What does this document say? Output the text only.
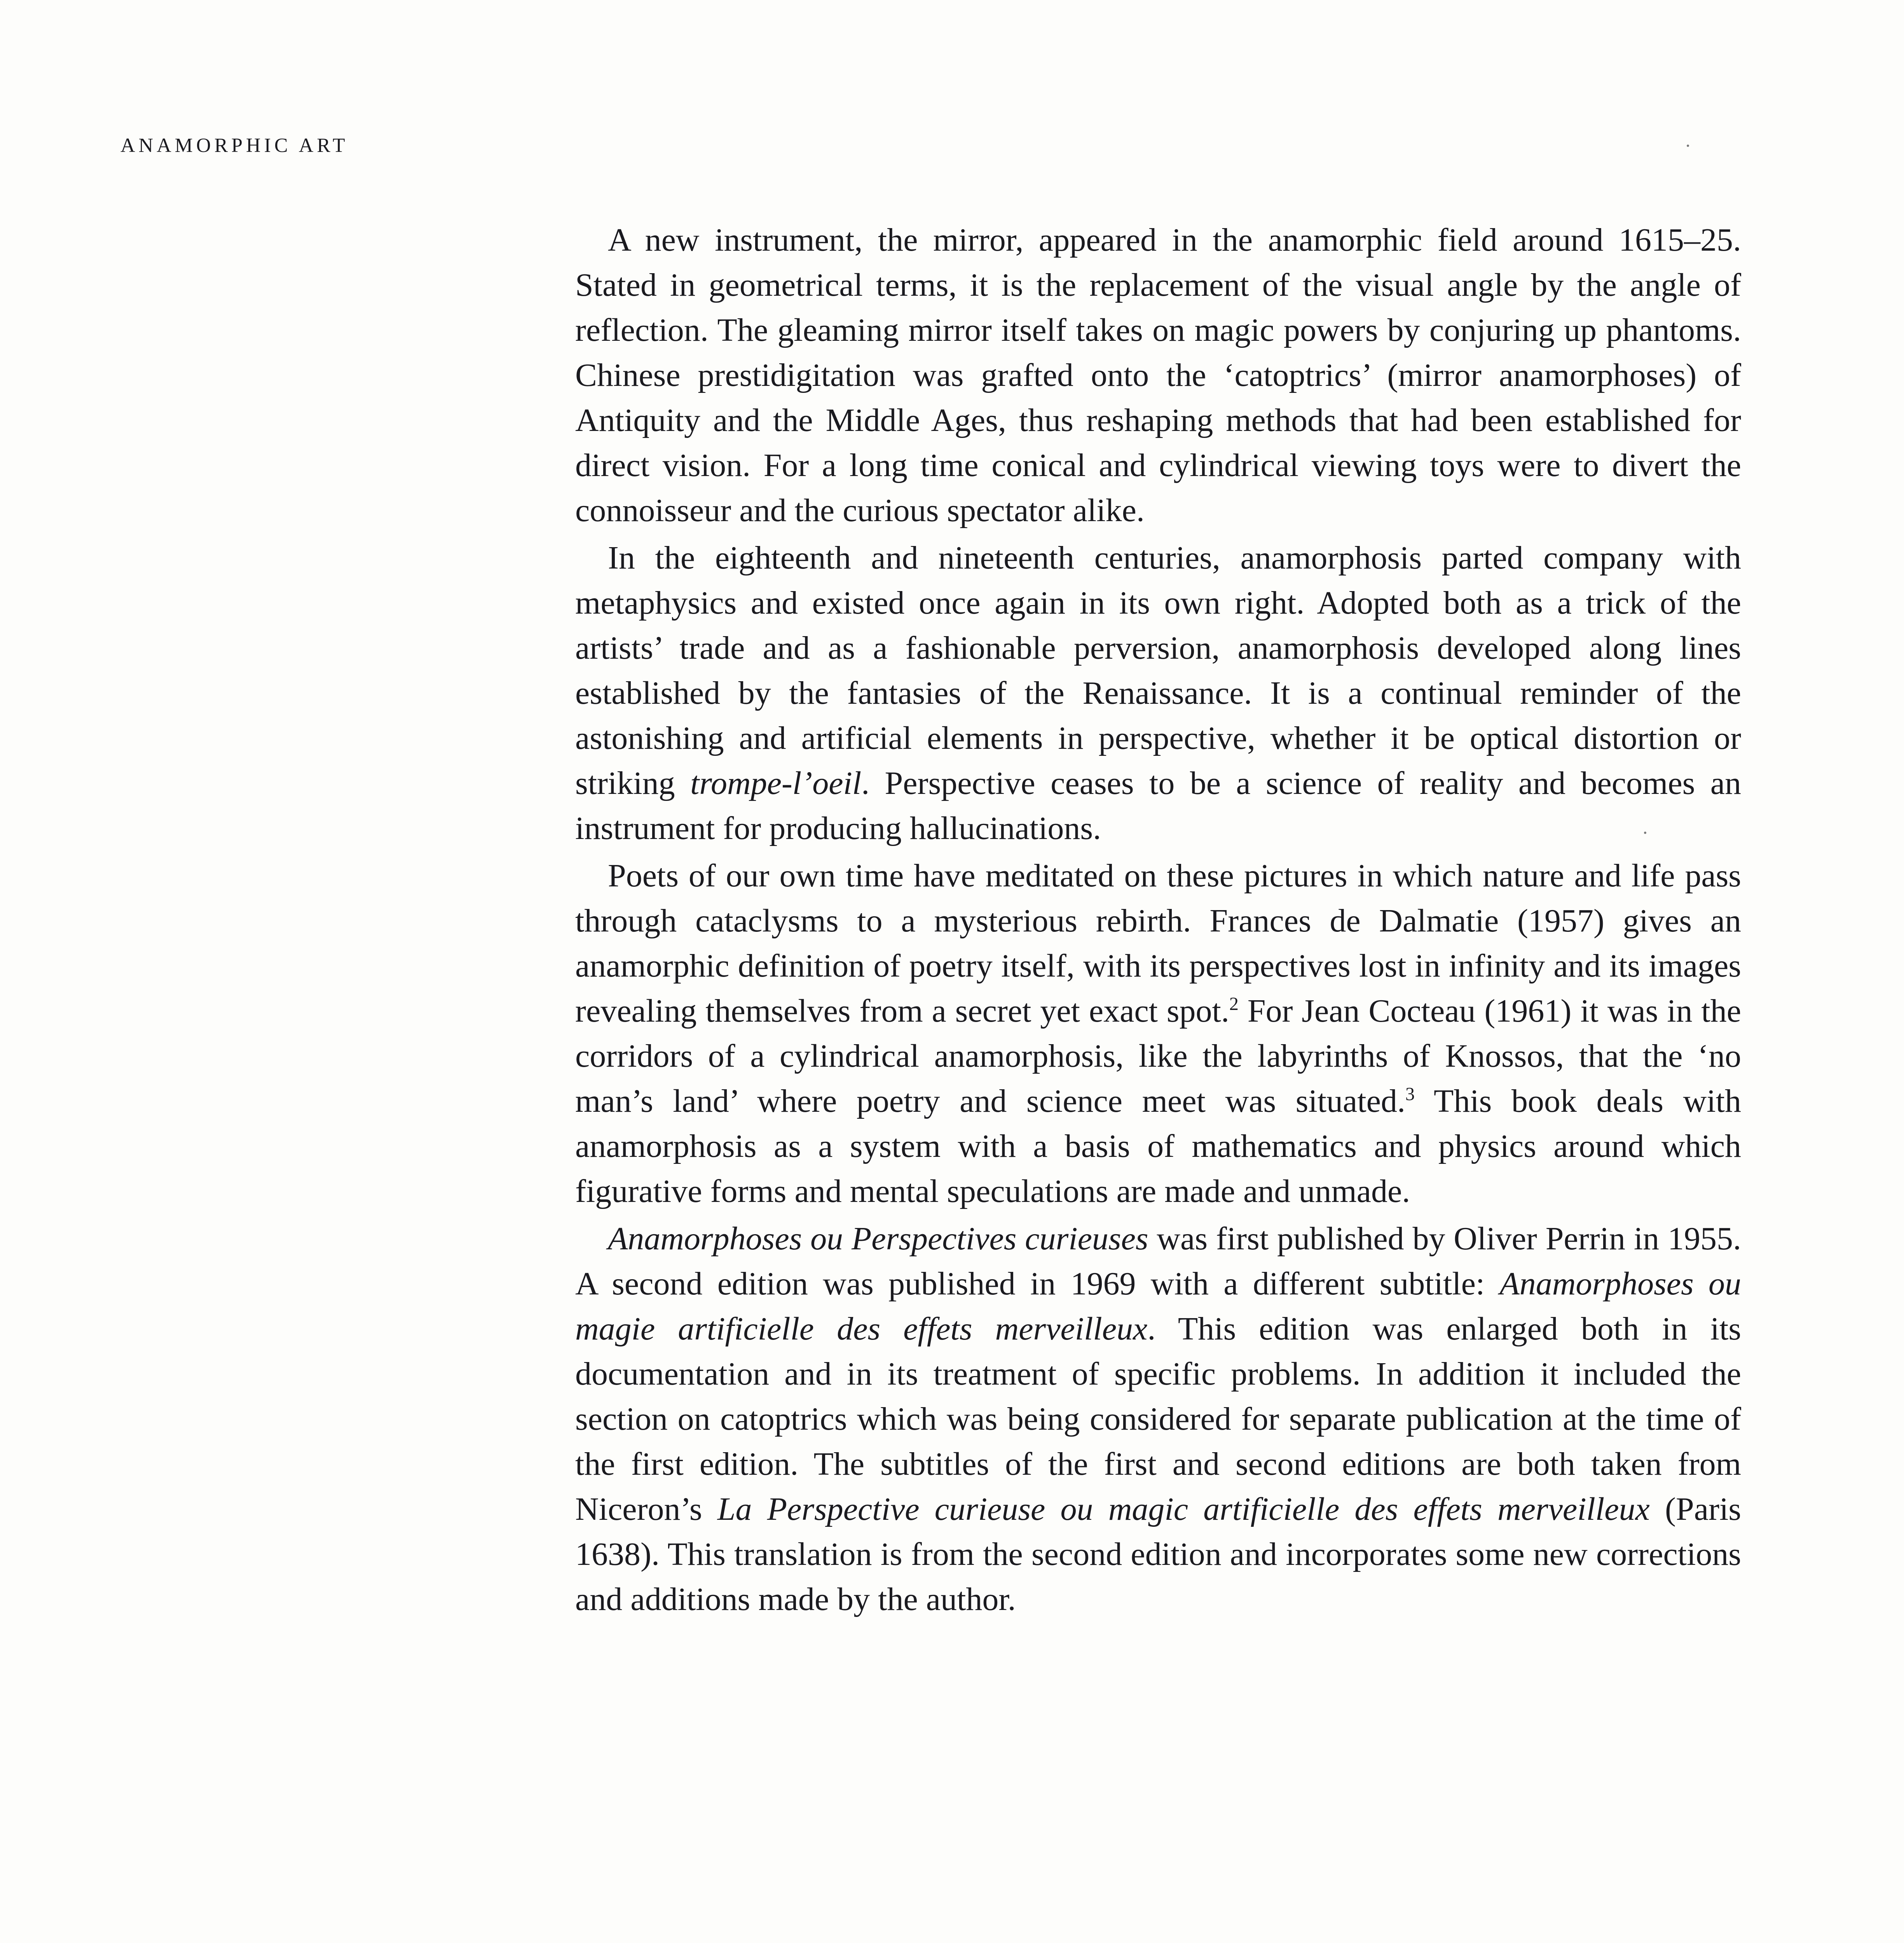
ANAMORPHIC ART

A new instrument, the mirror, appeared in the anamorphic field around 1615–25. Stated in geometrical terms, it is the replacement of the visual angle by the angle of reflection. The gleaming mirror itself takes on magic powers by conjuring up phantoms. Chinese prestidigitation was grafted onto the ‘catoptrics’ (mirror anamorphoses) of Antiquity and the Middle Ages, thus reshaping methods that had been established for direct vision. For a long time conical and cylindrical viewing toys were to divert the connoisseur and the curious spectator alike.

In the eighteenth and nineteenth centuries, anamorphosis parted company with metaphysics and existed once again in its own right. Adopted both as a trick of the artists’ trade and as a fashionable perversion, anamorphosis developed along lines established by the fantasies of the Renaissance. It is a continual reminder of the astonishing and artificial elements in perspective, whether it be optical distortion or striking trompe-l’oeil. Perspective ceases to be a science of reality and becomes an instrument for producing hallucinations.

Poets of our own time have meditated on these pictures in which nature and life pass through cataclysms to a mysterious rebirth. Frances de Dalmatie (1957) gives an anamorphic definition of poetry itself, with its perspectives lost in infinity and its images revealing themselves from a secret yet exact spot.$^2$ For Jean Cocteau (1961) it was in the corridors of a cylindrical anamorphosis, like the labyrinths of Knossos, that the ‘no man’s land’ where poetry and science meet was situated.$^3$ This book deals with anamorphosis as a system with a basis of mathematics and physics around which figurative forms and mental speculations are made and unmade.

Anamorphoses ou Perspectives curieuses was first published by Oliver Perrin in 1955. A second edition was published in 1969 with a different subtitle: Anamorphoses ou magie artificielle des effets merveilleux. This edition was enlarged both in its documentation and in its treatment of specific problems. In addition it included the section on catoptrics which was being considered for separate publication at the time of the first edition. The subtitles of the first and second editions are both taken from Niceron’s La Perspective curieuse ou magic artificielle des effets merveilleux (Paris 1638). This translation is from the second edition and incorporates some new corrections and additions made by the author.
